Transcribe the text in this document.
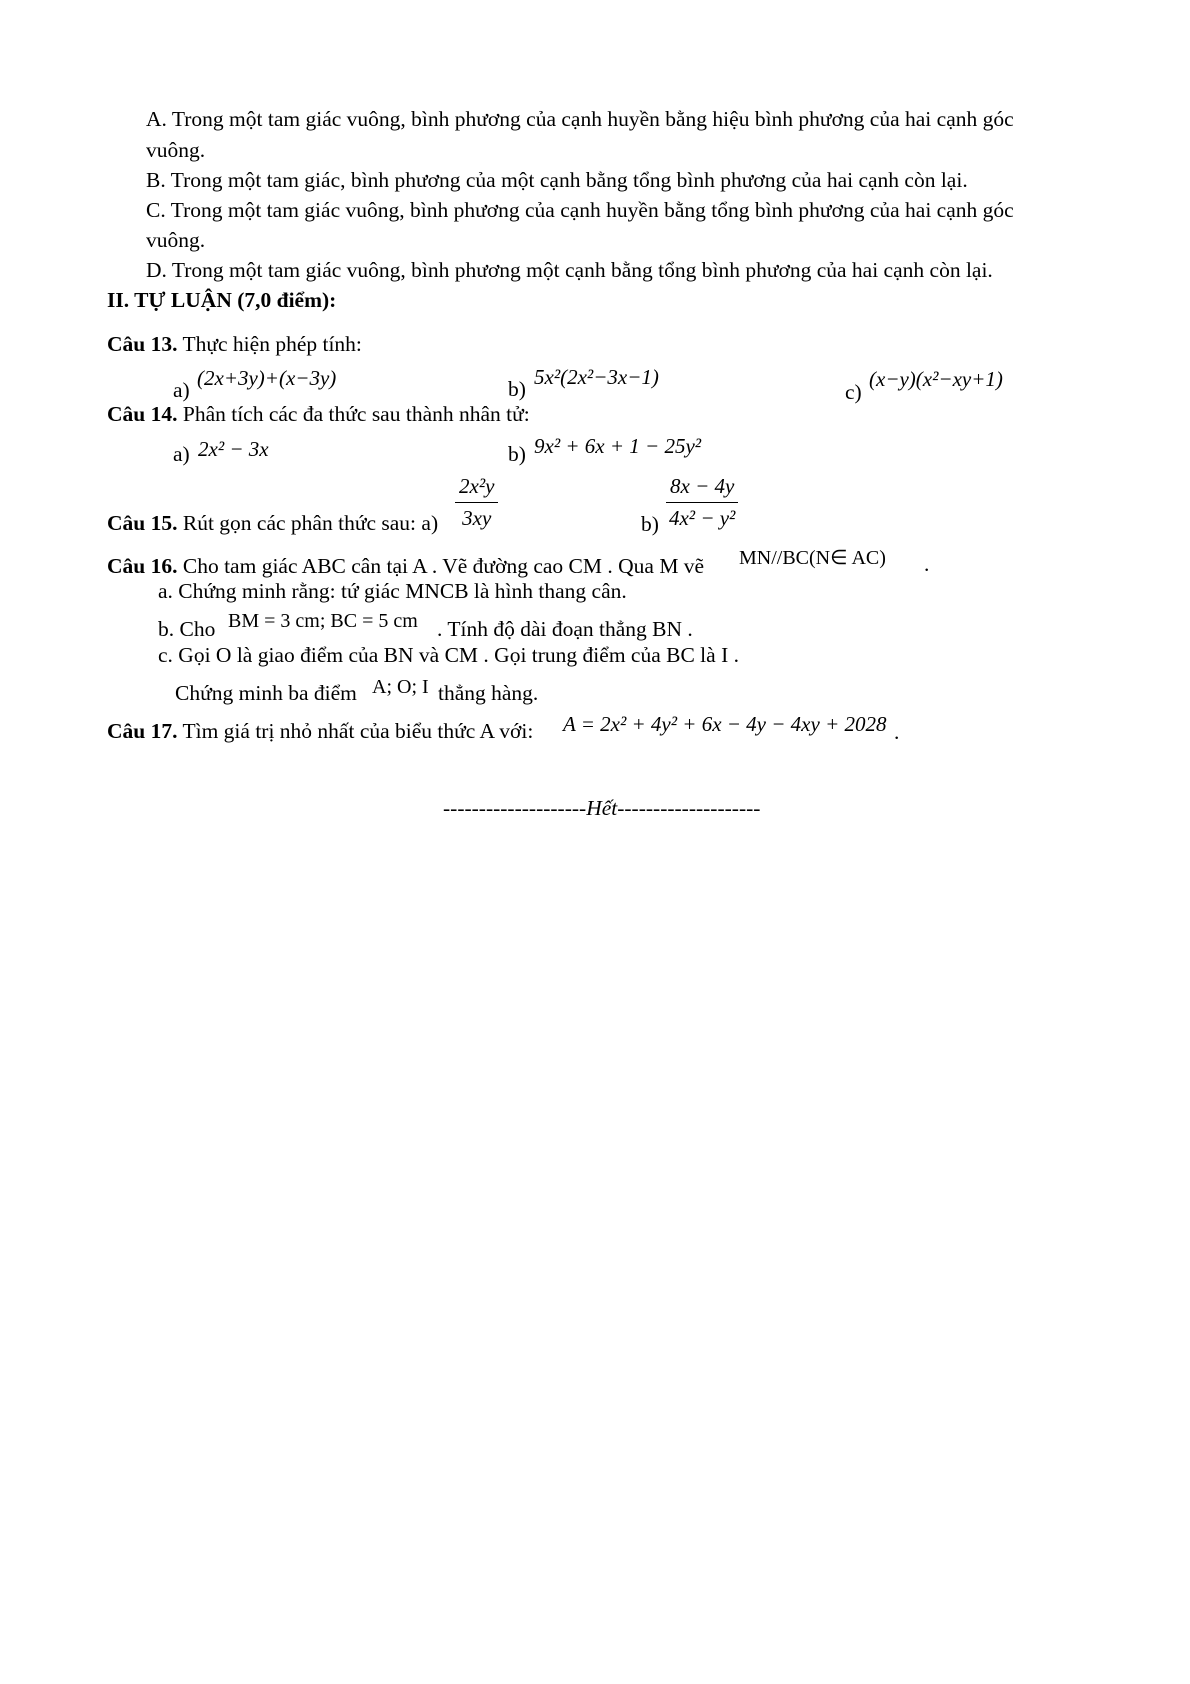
A. Trong một tam giác vuông, bình phương của cạnh huyền bằng hiệu bình phương của hai cạnh góc
vuông.
B. Trong một tam giác, bình phương của một cạnh bằng tổng bình phương của hai cạnh còn lại.
C. Trong một tam giác vuông, bình phương của cạnh huyền bằng tổng bình phương của hai cạnh góc
vuông.
D. Trong một tam giác vuông, bình phương một cạnh bằng tổng bình phương của hai cạnh còn lại.
II. TỰ LUẬN (7,0 điểm):
Câu 13. Thực hiện phép tính:
a) (2x+3y)+(x−3y)	b) 5x²(2x²−3x−1)
c)
(x−y)(x²−xy+1)
Câu 14. Phân tích các đa thức sau thành nhân tử:
a) 2x² − 3x	b) 9x² + 6x + 1 − 25y²
Câu 15. Rút gọn các phân thức sau: $a) \frac{\text{2x²y}}{3xy}$	$b) \frac{8x - 4y}{\text{4x² − y²}}$
Câu 16. Cho tam giác ABC cân tại A . Vẽ đường cao CM . Qua M vẽ MN//BC(N∈ AC) .
a. Chứng minh rằng: tứ giác MNCB là hình thang cân.
b. Cho BM = 3 cm; BC = 5 cm . Tính độ dài đoạn thẳng BN .
c. Gọi O là giao điểm của BN và CM . Gọi trung điểm của BC là I .
Chứng minh ba điểm A; O; I thẳng hàng.
Câu 17. Tìm giá trị nhỏ nhất của biểu thức A với: A = 2x² + 4y² + 6x − 4y − 4xy + 2028 .
--------------------Hết--------------------
